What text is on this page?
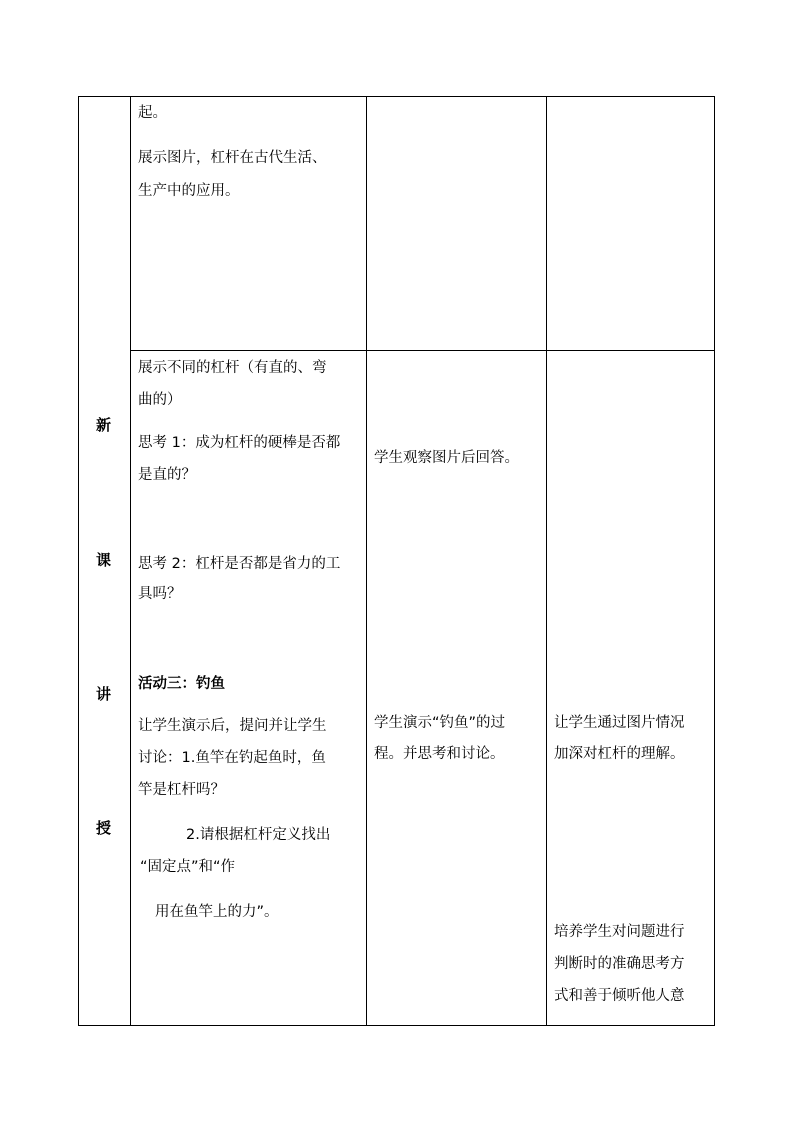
新
课
讲
授
起。
展示图片，杠杆在古代生活、
生产中的应用。
展示不同的杠杆（有直的、弯
曲的）
思考 1：成为杠杆的硬棒是否都
是直的？
思考 2：杠杆是否都是省力的工
具吗？
活动三：钓鱼
让学生演示后，提问并让学生
讨论：1.鱼竿在钓起鱼时，鱼
竿是杠杆吗？
2.请根据杠杆定义找出
“固定点”和“作
用在鱼竿上的力”。
学生观察图片后回答。
学生演示“钓鱼”的过
程。并思考和讨论。
让学生通过图片情况
加深对杠杆的理解。
培养学生对问题进行
判断时的准确思考方
式和善于倾听他人意
